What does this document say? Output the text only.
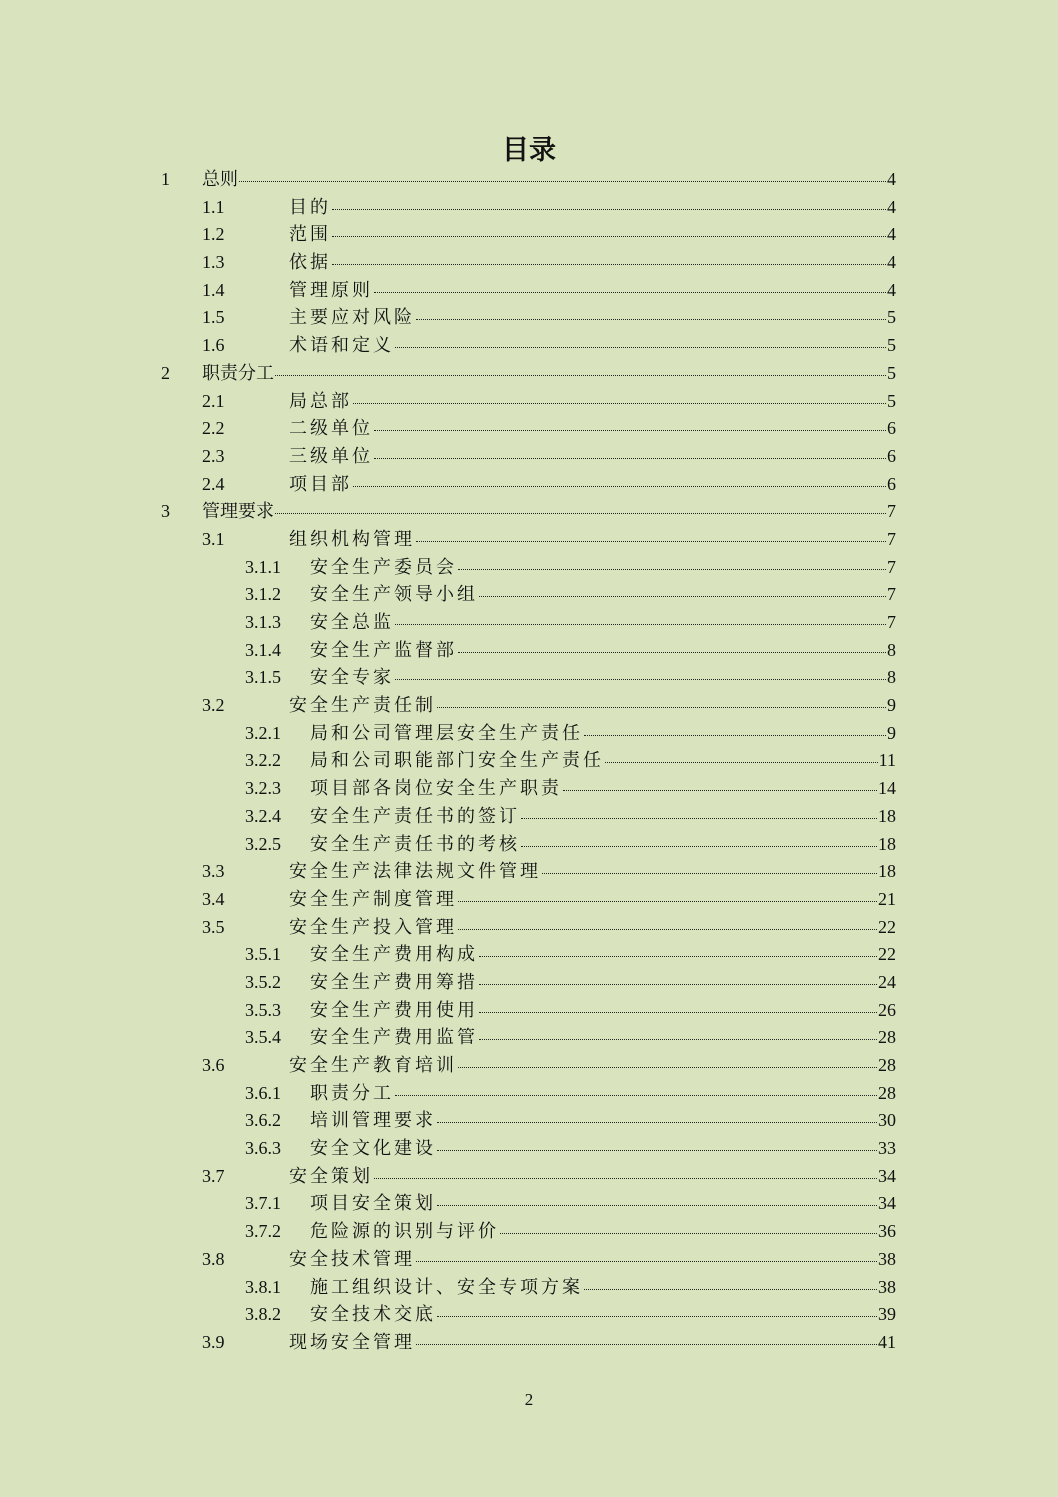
目录
1 总则	4
1.1	目的	4
1.2	范围	4
1.3	依据	4
1.4	管理原则	4
1.5	主要应对风险	5
1.6	术语和定义	5
2 职责分工	5
2.1	局总部	5
2.2	二级单位	6
2.3	三级单位	6
2.4	项目部	6
3 管理要求	7
3.1	组织机构管理	7
3.1.1 安全生产委员会	7
3.1.2 安全生产领导小组	7
3.1.3 安全总监	7
3.1.4 安全生产监督部	8
3.1.5 安全专家	8
3.2	安全生产责任制	9
3.2.1 局和公司管理层安全生产责任	9
3.2.2 局和公司职能部门安全生产责任	11
3.2.3 项目部各岗位安全生产职责	14
3.2.4 安全生产责任书的签订	18
3.2.5 安全生产责任书的考核	18
3.3	安全生产法律法规文件管理	18
3.4	安全生产制度管理	21
3.5	安全生产投入管理	22
3.5.1 安全生产费用构成	22
3.5.2 安全生产费用筹措	24
3.5.3 安全生产费用使用	26
3.5.4 安全生产费用监管	28
3.6	安全生产教育培训	28
3.6.1 职责分工	28
3.6.2 培训管理要求	30
3.6.3 安全文化建设	33
3.7	安全策划	34
3.7.1 项目安全策划	34
3.7.2 危险源的识别与评价	36
3.8	安全技术管理	38
3.8.1 施工组织设计、安全专项方案	38
3.8.2 安全技术交底	39
3.9	现场安全管理	41
2
